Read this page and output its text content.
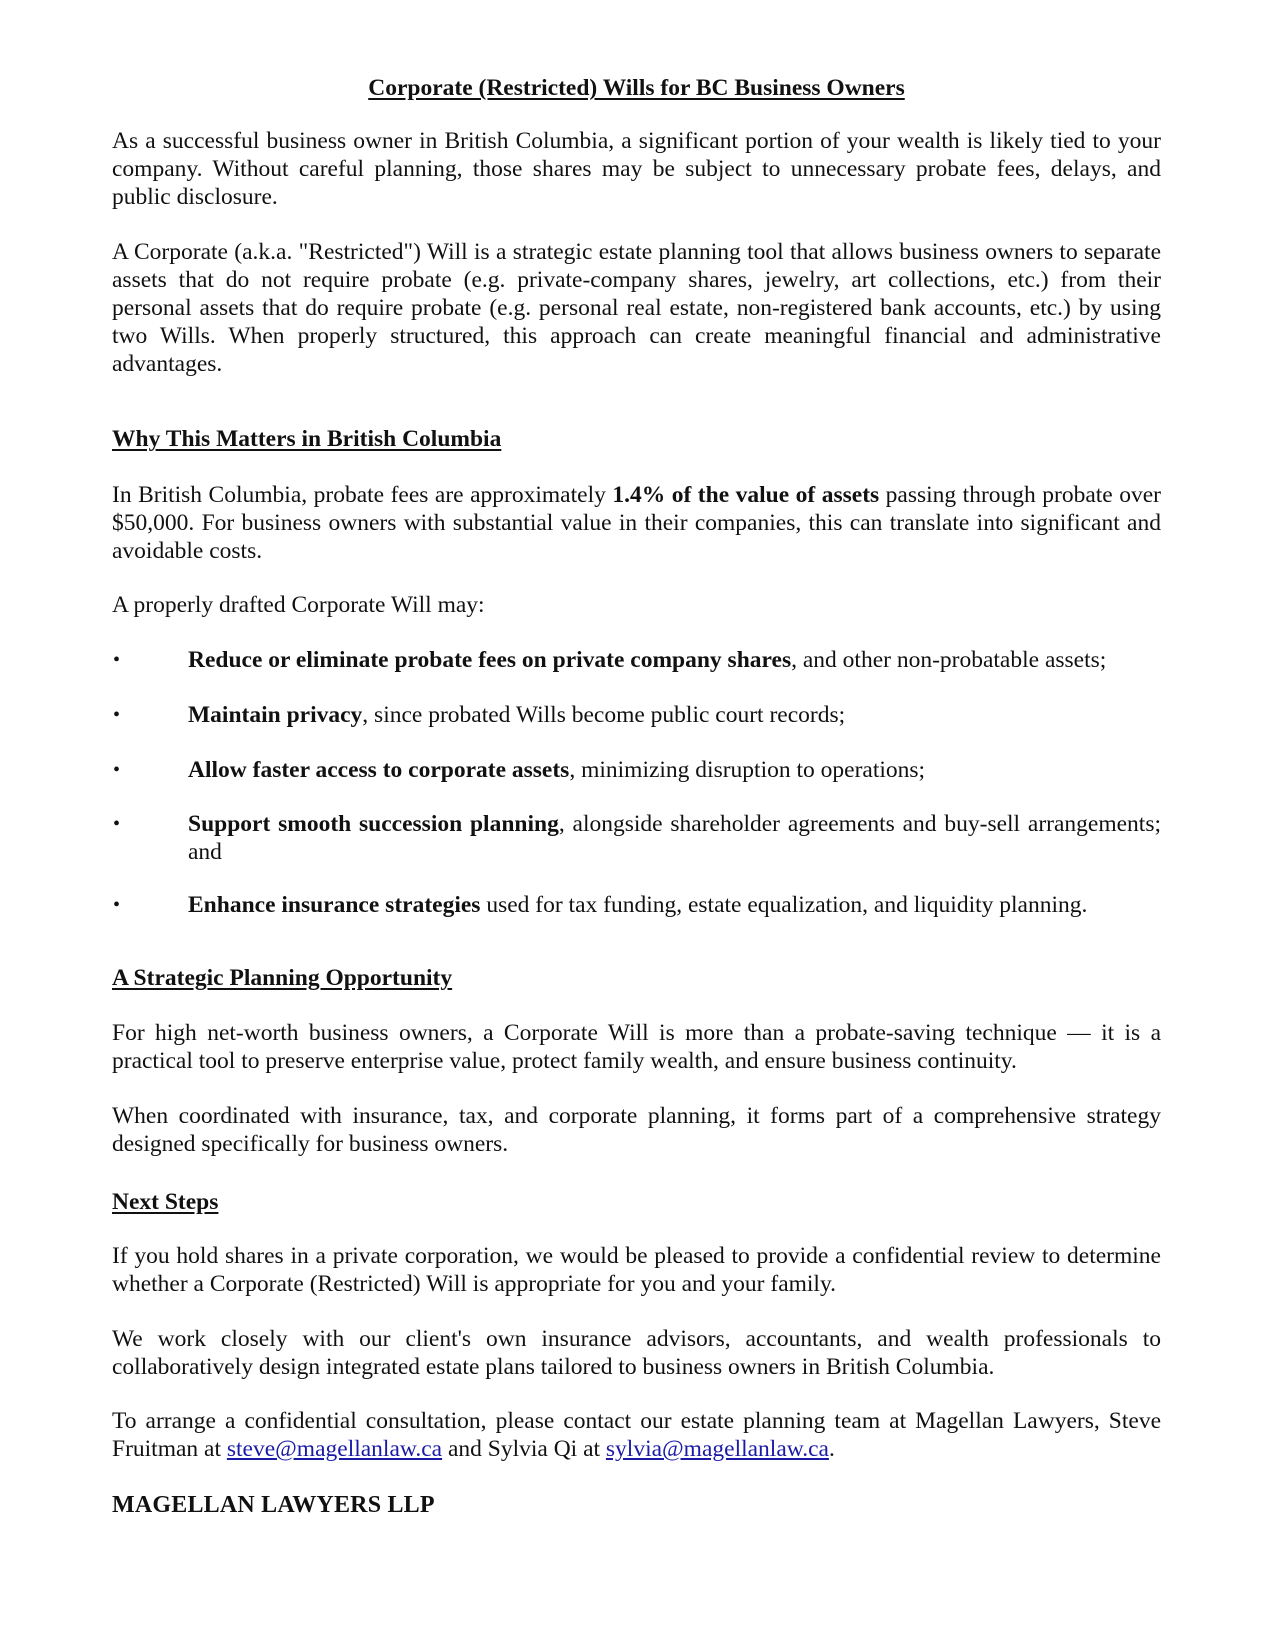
Corporate (Restricted) Wills for BC Business Owners

As a successful business owner in British Columbia, a significant portion of your wealth is likely tied to your company. Without careful planning, those shares may be subject to unnecessary probate fees, delays, and public disclosure.

A Corporate (a.k.a. "Restricted") Will is a strategic estate planning tool that allows business owners to separate assets that do not require probate (e.g. private-company shares, jewelry, art collections, etc.) from their personal assets that do require probate (e.g. personal real estate, non-registered bank accounts, etc.) by using two Wills. When properly structured, this approach can create meaningful financial and administrative advantages.

Why This Matters in British Columbia

In British Columbia, probate fees are approximately 1.4% of the value of assets passing through probate over $50,000. For business owners with substantial value in their companies, this can translate into significant and avoidable costs.

A properly drafted Corporate Will may:

•	Reduce or eliminate probate fees on private company shares, and other non-probatable assets;
•	Maintain privacy, since probated Wills become public court records;
•	Allow faster access to corporate assets, minimizing disruption to operations;
•	Support smooth succession planning, alongside shareholder agreements and buy-sell arrangements; and
•	Enhance insurance strategies used for tax funding, estate equalization, and liquidity planning.
A Strategic Planning Opportunity

For high net-worth business owners, a Corporate Will is more than a probate-saving technique — it is a practical tool to preserve enterprise value, protect family wealth, and ensure business continuity.

When coordinated with insurance, tax, and corporate planning, it forms part of a comprehensive strategy designed specifically for business owners.

Next Steps

If you hold shares in a private corporation, we would be pleased to provide a confidential review to determine whether a Corporate (Restricted) Will is appropriate for you and your family.

We work closely with our client's own insurance advisors, accountants, and wealth professionals to collaboratively design integrated estate plans tailored to business owners in British Columbia.

To arrange a confidential consultation, please contact our estate planning team at Magellan Lawyers, Steve Fruitman at steve@magellanlaw.ca and Sylvia Qi at sylvia@magellanlaw.ca.

MAGELLAN LAWYERS LLP
